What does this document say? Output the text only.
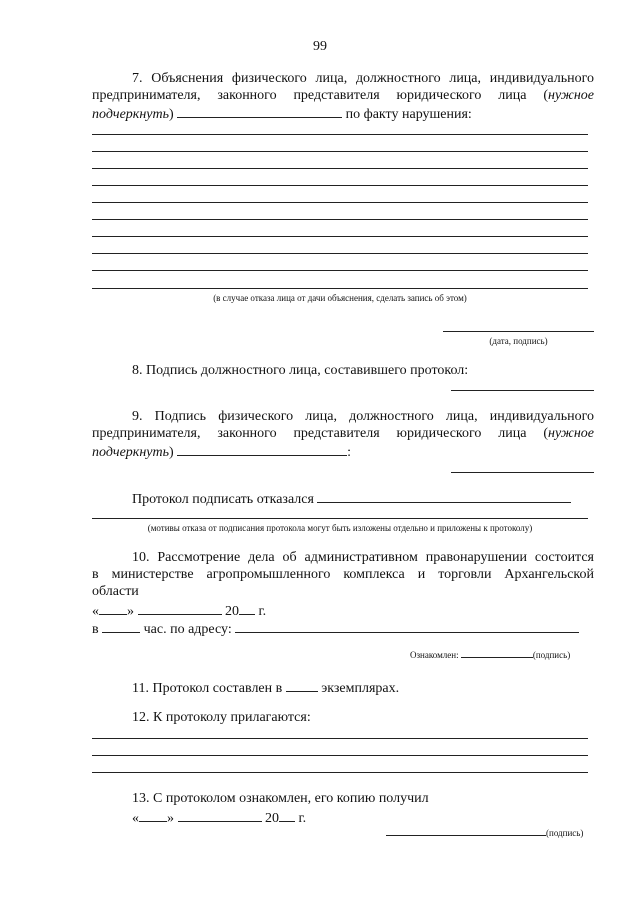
99
7. Объяснения физического лица, должностного лица, индивидуального
предпринимателя, законного представителя юридического лица (нужное
подчеркнуть)	по факту нарушения:
(в случае отказа лица от дачи объяснения, сделать запись об этом)
(дата, подпись)
8. Подпись должностного лица, составившего протокол:
9. Подпись физического лица, должностного лица, индивидуального
предпринимателя, законного представителя юридического лица (нужное
подчеркнуть)	:
Протокол подписать отказался
(мотивы отказа от подписания протокола могут быть изложены отдельно и приложены к протоколу)
10. Рассмотрение дела об административном правонарушении состоится
в министерстве агропромышленного комплекса и торговли Архангельской
области
« »	20 г.
в	час. по адресу:
Ознакомлен:	(подпись)
11. Протокол составлен в	экземплярах.
12. К протоколу прилагаются:
13. С протоколом ознакомлен, его копию получил
« »	20 г.
(подпись)
